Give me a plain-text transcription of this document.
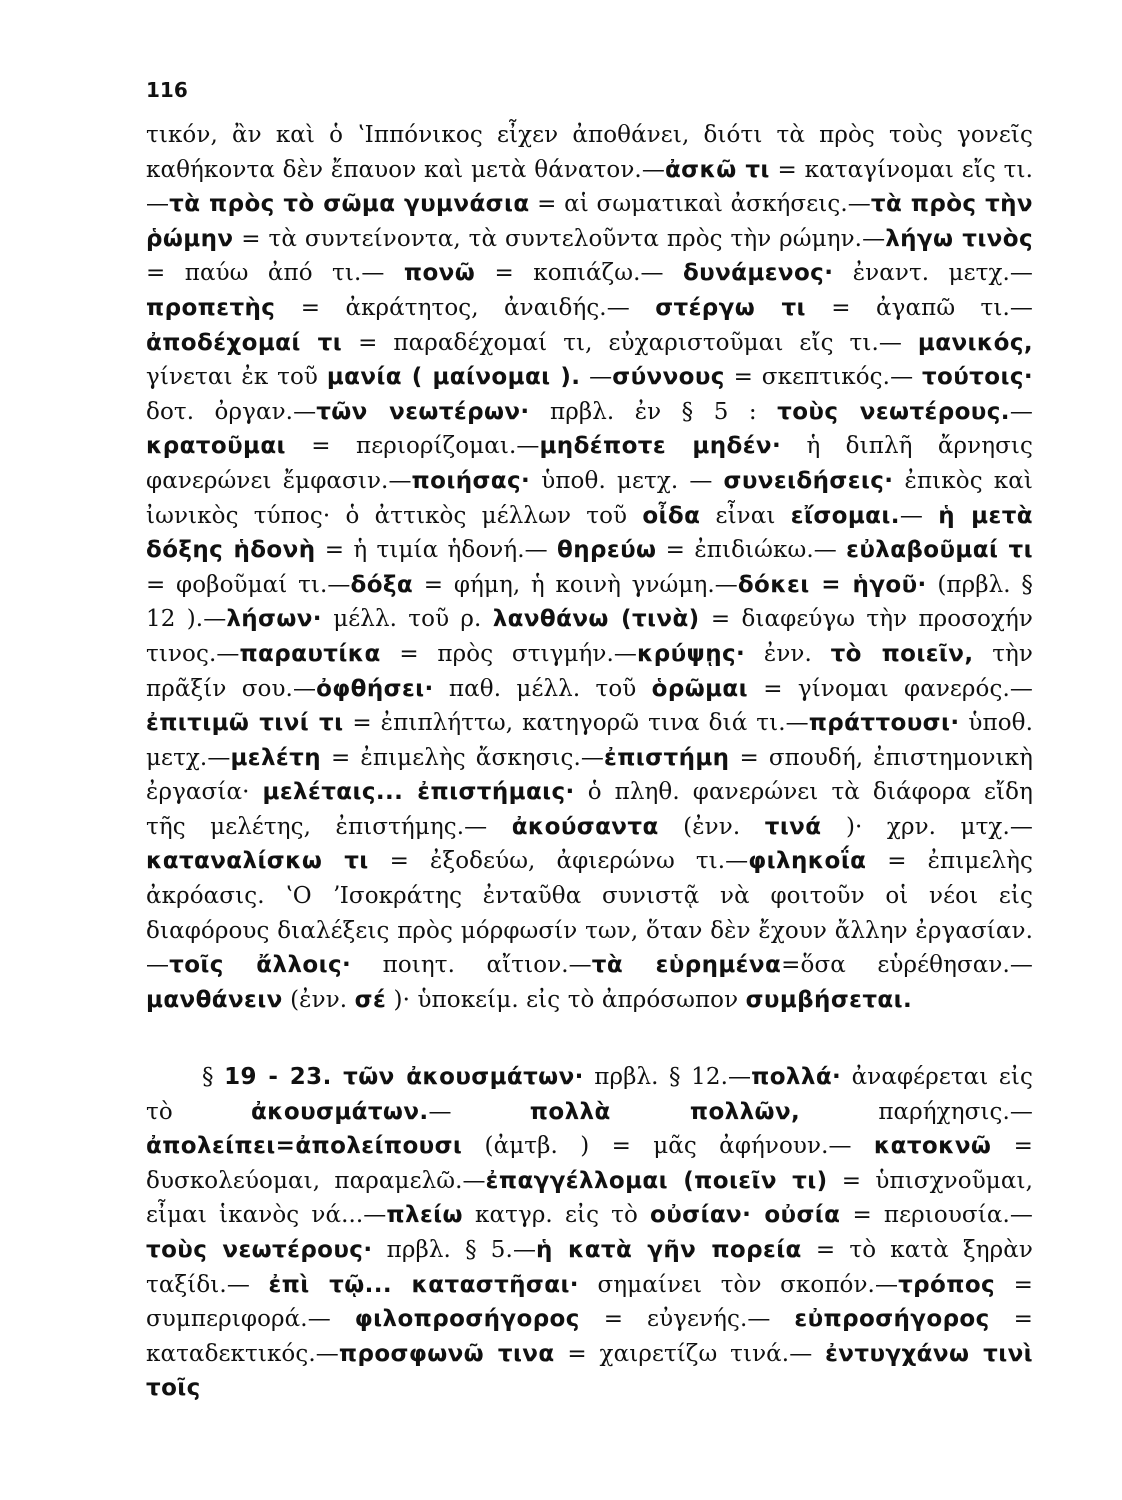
116
τικόν, ἂν καὶ ὁ ʽΙππόνικος εἶχεν ἀποθάνει, διότι τὰ πρὸς τοὺς γονεῖς καθήκοντα δὲν ἔπαυον καὶ μετὰ θάνατον.—ἀσκῶ τι = καταγίνομαι εἴς τι.—τὰ πρὸς τὸ σῶμα γυμνάσια = αἱ σωματικαὶ ἀσκήσεις.—τὰ πρὸς τὴν ῥώμην = τὰ συντείνοντα, τὰ συντελοῦντα πρὸς τὴν ρώμην.—λήγω τινὸς = παύω ἀπό τι.— πονῶ = κοπιάζω.— δυνάμενος· ἐναντ. μετχ.—προπετὴς = ἀκράτητος, ἀναιδής.— στέργω τι = ἀγαπῶ τι.— ἀποδέχομαί τι = παραδέχομαί τι, εὐχαριστοῦμαι εἴς τι.— μανικός, γίνεται ἐκ τοῦ μανία ( μαίνομαι ). —σύννους = σκεπτικός.— τούτοις· δοτ. ὀργαν.—τῶν νεωτέρων· πρβλ. ἐν § 5 : τοὺς νεωτέρους.—κρατοῦμαι = περιορίζομαι.—μηδέποτε μηδέν· ἡ διπλῆ ἄρνησις φανερώνει ἔμφασιν.—ποιήσας· ὑποθ. μετχ. — συνειδήσεις· ἐπικὸς καὶ ἰωνικὸς τύπος· ὁ ἀττικὸς μέλλων τοῦ οἶδα εἶναι εἴσομαι.— ἡ μετὰ δόξης ἡδονὴ = ἡ τιμία ἡδονή.— θηρεύω = ἐπιδιώκω.— εὐλαβοῦμαί τι = φοβοῦμαί τι.—δόξα = φήμη, ἡ κοινὴ γνώμη.—δόκει = ἡγοῦ· (πρβλ. § 12 ).—λήσων· μέλλ. τοῦ ρ. λανθάνω (τινὰ) = διαφεύγω τὴν προσοχήν τινος.—παραυτίκα = πρὸς στιγμήν.—κρύψῃς· ἐνν. τὸ ποιεῖν, τὴν πρᾶξίν σου.—ὀφθήσει· παθ. μέλλ. τοῦ ὁρῶμαι = γίνομαι φανερός.—ἐπιτιμῶ τινί τι = ἐπιπλήττω, κατηγορῶ τινα διά τι.—πράττουσι· ὑποθ. μετχ.—μελέτη = ἐπιμελὴς ἄσκησις.—ἐπιστήμη = σπουδή, ἐπιστημονικὴ ἐργασία· μελέταις... ἐπιστήμαις· ὁ πληθ. φανερώνει τὰ διάφορα εἴδη τῆς μελέτης, ἐπιστήμης.— ἀκούσαντα (ἐνν. τινά )· χρν. μτχ.—καταναλίσκω τι = ἐξοδεύω, ἀφιερώνω τι.—φιληκοΐα = ἐπιμελὴς ἀκρόασις. ʽΟ ʼΙσοκράτης ἐνταῦθα συνιστᾷ νὰ φοιτοῦν οἱ νέοι εἰς διαφόρους διαλέξεις πρὸς μόρφωσίν των, ὅταν δὲν ἔχουν ἄλλην ἐργασίαν.—τοῖς ἄλλοις· ποιητ. αἴτιον.—τὰ εὑρημένα=ὅσα εὑρέθησαν.— μανθάνειν (ἐνν. σέ )· ὑποκείμ. εἰς τὸ ἀπρόσωπον συμβήσεται.
§ 19 - 23. τῶν ἀκουσμάτων· πρβλ. § 12.—πολλά· ἀναφέρεται εἰς τὸ ἀκουσμάτων.— πολλὰ πολλῶν, παρήχησις.—ἀπολείπει=ἀπολείπουσι (ἀμτβ. ) = μᾶς ἀφήνουν.— κατοκνῶ = δυσκολεύομαι, παραμελῶ.—ἐπαγγέλλομαι (ποιεῖν τι) = ὑπισχνοῦμαι, εἶμαι ἱκανὸς νά...—πλείω κατγρ. εἰς τὸ οὐσίαν· οὐσία = περιουσία.—τοὺς νεωτέρους· πρβλ. § 5.—ἡ κατὰ γῆν πορεία = τὸ κατὰ ξηρὰν ταξίδι.— ἐπὶ τῷ... καταστῆσαι· σημαίνει τὸν σκοπόν.—τρόπος = συμπεριφορά.— φιλοπροσήγορος = εὐγενής.— εὐπροσήγορος = καταδεκτικός.—προσφωνῶ τινα = χαιρετίζω τινά.— ἐντυγχάνω τινὶ τοῖς
